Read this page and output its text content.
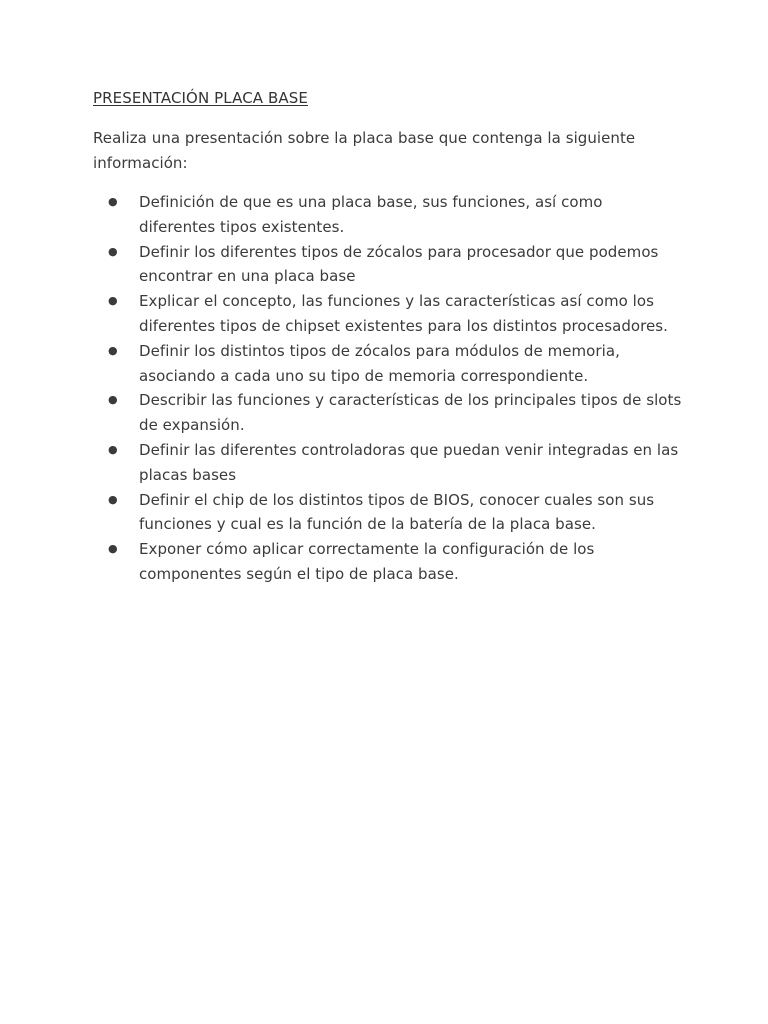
PRESENTACIÓN PLACA BASE

Realiza una presentación sobre la placa base que contenga la siguiente información:

● Definición de que es una placa base, sus funciones, así como diferentes tipos existentes.
● Definir los diferentes tipos de zócalos para procesador que podemos encontrar en una placa base
● Explicar el concepto, las funciones y las características así como los diferentes tipos de chipset existentes para los distintos procesadores.
● Definir los distintos tipos de zócalos para módulos de memoria, asociando a cada uno su tipo de memoria correspondiente.
● Describir las funciones y características de los principales tipos de slots de expansión.
● Definir las diferentes controladoras que puedan venir integradas en las placas bases
● Definir el chip de los distintos tipos de BIOS, conocer cuales son sus funciones y cual es la función de la batería de la placa base.
● Exponer cómo aplicar correctamente la configuración de los componentes según el tipo de placa base.
